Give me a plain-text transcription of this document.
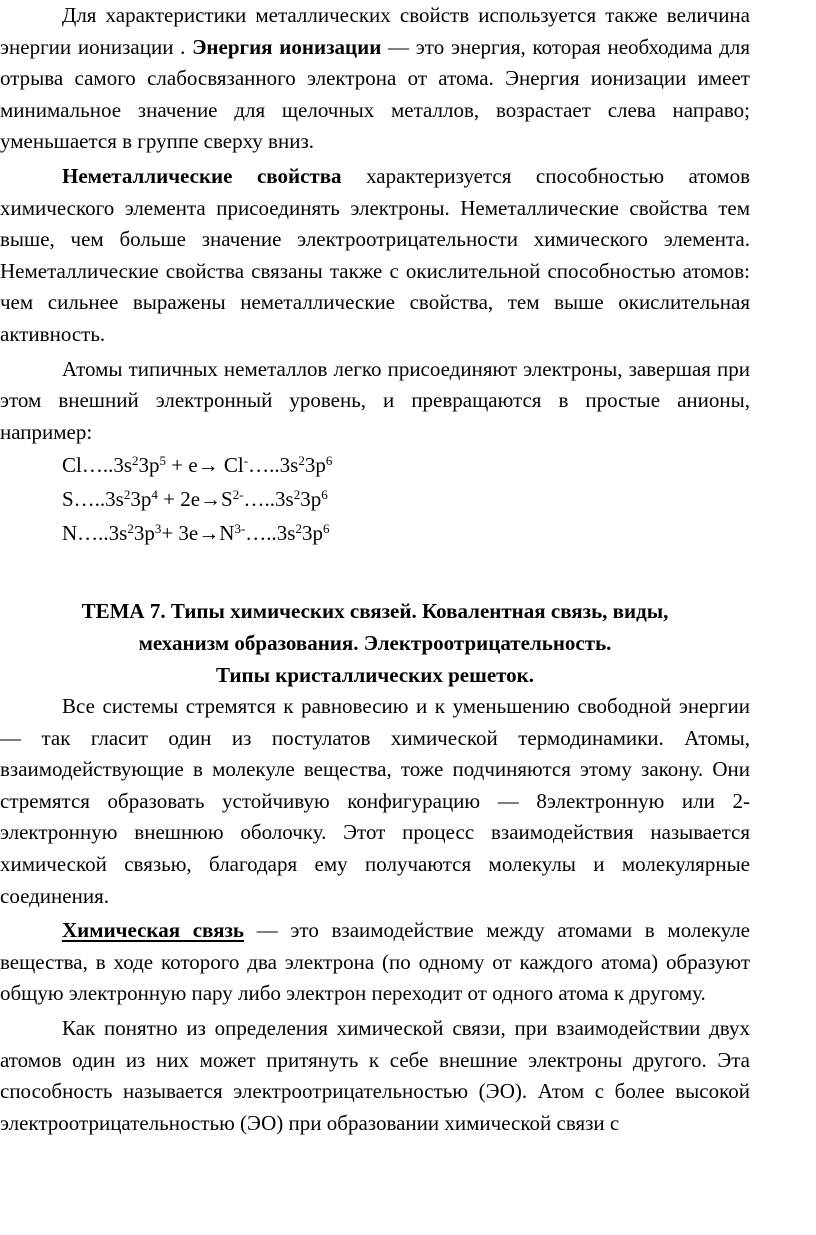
Для характеристики металлических свойств используется также величина энергии ионизации . Энергия ионизации — это энергия, которая необходима для отрыва самого слабосвязанного электрона от атома. Энергия ионизации имеет минимальное значение для щелочных металлов, возрастает слева направо; уменьшается в группе сверху вниз.

Неметаллические свойства характеризуется способностью атомов химического элемента присоединять электроны. Неметаллические свойства тем выше, чем больше значение электроотрицательности химического элемента. Неметаллические свойства связаны также с окислительной способностью атомов: чем сильнее выражены неметаллические свойства, тем выше окислительная активность.

Атомы типичных неметаллов легко присоединяют электроны, завершая при этом внешний электронный уровень, и превращаются в простые анионы, например:

$Cl\dots..3s^23p^5 + e\to$ $Cl^-\dots..3s^23p^6$
$S\dots..3s^23p^4$ + $2e\to S^{2-}\dots..3s^23p^6$
$N\dots..3s^23p^3+$ $3e\to N^{3-}\dots..3s^23p^6$

ТЕМА 7. Типы химических связей. Ковалентная связь, виды,

механизм образования. Электроотрицательность.

Типы кристаллических решеток.

Все системы стремятся к равновесию и к уменьшению свободной энергии — так гласит один из постулатов химической термодинамики. Атомы, взаимодействующие в молекуле вещества, тоже подчиняются этому закону. Они стремятся образовать устойчивую конфигурацию — 8электронную или 2-электронную внешнюю оболочку. Этот процесс взаимодействия называется химической связью, благодаря ему получаются молекулы и молекулярные соединения.

Химическая связь — это взаимодействие между атомами в молекуле вещества, в ходе которого два электрона (по одному от каждого атома) образуют общую электронную пару либо электрон переходит от одного атома к другому.

Как понятно из определения химической связи, при взаимодействии двух атомов один из них может притянуть к себе внешние электроны другого. Эта способность называется электроотрицательностью (ЭО). Атом с более высокой электроотрицательностью (ЭО) при образовании химической связи с
